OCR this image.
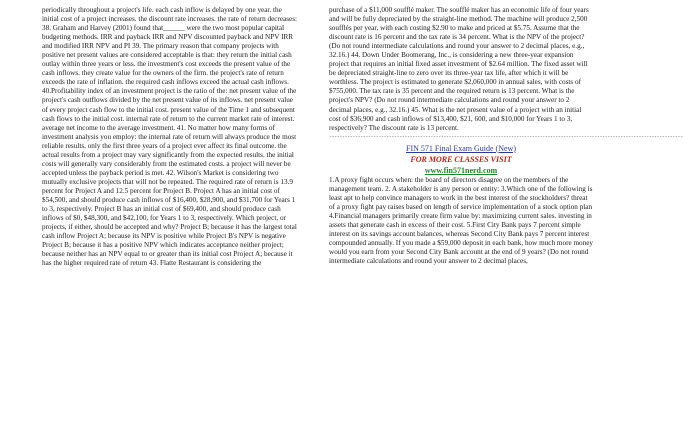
periodically throughout a project's life. each cash inflow is delayed by one year. the initial cost of a project increases. the discount rate increases. the rate of return decreases: 38. Graham and Harvey (2001) found that______ were the two most popular capital budgeting methods. IRR and payback IRR and NPV discounted payback and NPV IRR and modified IRR NPV and PI 39. The primary reason that company projects with positive net present values are considered acceptable is that: they return the initial cash outlay within three years or less. the investment's cost exceeds the present value of the cash inflows. they create value for the owners of the firm. the project's rate of return exceeds the rate of inflation. the required cash inflows exceed the actual cash inflows. 40.Profitability index of an investment project is the ratio of the: net present value of the project's cash outflows divided by the net present value of its inflows. net present value of every project cash flow to the initial cost. present value of the Time 1 and subsequent cash flows to the initial cost. internal rate of return to the current market rate of interest. average net income to the average investment. 41. No matter how many forms of investment analysis you employ: the internal rate of return will always produce the most reliable results. only the first three years of a project ever affect its final outcome. the actual results from a project may vary significantly from the expected results. the initial costs will generally vary considerably from the estimated costs. a project will never be accepted unless the payback period is met. 42. Wilson's Market is considering two mutually exclusive projects that will not be repeated. The required rate of return is 13.9 percent for Project A and 12.5 percent for Project B. Project A has an initial cost of $54,500, and should produce cash inflows of $16,400, $28,900, and $31,700 for Years 1 to 3, respectively. Project B has an initial cost of $69,400, and should produce cash inflows of $0, $48,300, and $42,100, for Years 1 to 3, respectively. Which project, or projects, if either, should be accepted and why? Project B; because it has the largest total cash inflow Project A; because its NPV is positive while Project B's NPV is negative Project B; because it has a positive NPV which indicates acceptance neither project; because neither has an NPV equal to or greater than its initial cost Project A; because it has the higher required rate of return 43. Flatte Restaurant is considering the

purchase of a $11,000 soufflé maker. The soufflé maker has an economic life of four years and will be fully depreciated by the straight-line method. The machine will produce 2,500 soufflés per year, with each costing $2.90 to make and priced at $5.75. Assume that the discount rate is 16 percent and the tax rate is 34 percent. What is the NPV of the project? (Do not round intermediate calculations and round your answer to 2 decimal places, e.g., 32.16.) 44. Down Under Boomerang, Inc., is considering a new three-year expansion project that requires an initial fixed asset investment of $2.64 million. The fixed asset will be depreciated straight-line to zero over its three-year tax life, after which it will be worthless. The project is estimated to generate $2,060,000 in annual sales, with costs of $755,000. The tax rate is 35 percent and the required return is 13 percent. What is the project's NPV? (Do not round intermediate calculations and round your answer to 2 decimal places, e.g., 32.16.) 45. What is the net present value of a project with an initial cost of $36,900 and cash inflows of $13,400, $21, 600, and $10,000 for Years 1 to 3, respectively? The discount rate is 13 percent.

----------------------------------------------------------------------------------------------------------------------------------------

FIN 571 Final Exam Guide (New)

FOR MORE CLASSES VISIT

www.fin571nerd.com

1.A proxy fight occurs when: the board of directors disagree on the members of the management team. 2. A stakeholder is any person or entity: 3.Which one of the following is least apt to help convince managers to work in the best interest of the stockholders? threat of a proxy fight pay raises based on length of service implementation of a stock option plan 4.Financial managers primarily create firm value by: maximizing current sales. investing in assets that generate cash in excess of their cost. 5.First City Bank pays 7 percent simple interest on its savings account balances, whereas Second City Bank pays 7 percent interest compounded annually. If you made a $59,000 deposit in each bank, how much more money would you earn from your Second City Bank account at the end of 9 years? (Do not round intermediate calculations and round your answer to 2 decimal places,
